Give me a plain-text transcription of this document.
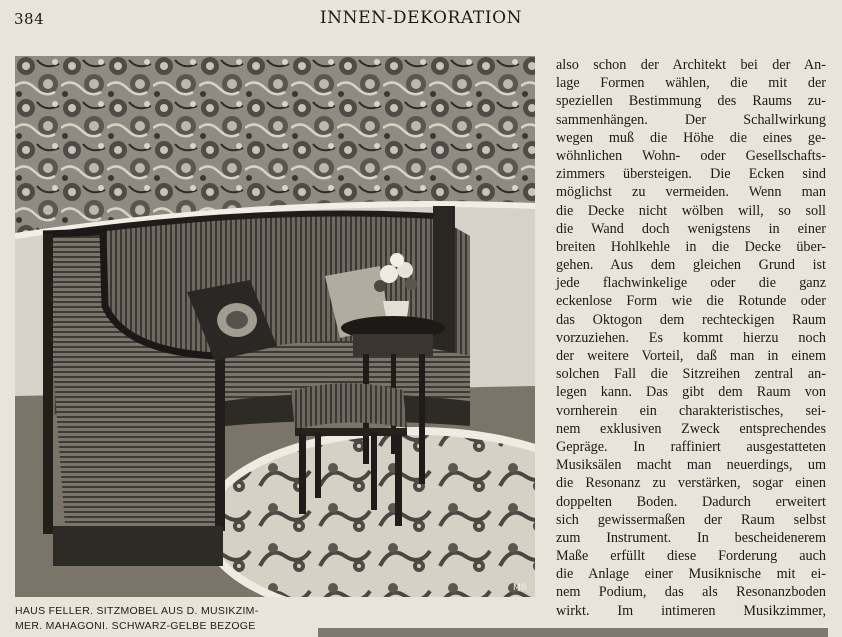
384	INNEN-DEKORATION
MB
HAUS FELLER. SITZMOBEL AUS D. MUSIKZIM-
MER. MAHAGONI. SCHWARZ-GELBE BEZOGE
also schon der Architekt bei der An-
lage Formen wählen, die mit der
speziellen Bestimmung des Raums zu-
sammenhängen. Der Schallwirkung
wegen muß die Höhe die eines ge-
wöhnlichen Wohn- oder Gesellschafts-
zimmers übersteigen. Die Ecken sind
möglichst zu vermeiden. Wenn man
die Decke nicht wölben will, so soll
die Wand doch wenigstens in einer
breiten Hohlkehle in die Decke über-
gehen. Aus dem gleichen Grund ist
jede flachwinkelige oder die ganz
eckenlose Form wie die Rotunde oder
das Oktogon dem rechteckigen Raum
vorzuziehen. Es kommt hierzu noch
der weitere Vorteil, daß man in einem
solchen Fall die Sitzreihen zentral an-
legen kann. Das gibt dem Raum von
vornherein ein charakteristisches, sei-
nem exklusiven Zweck entsprechendes
Gepräge. In raffiniert ausgestatteten
Musiksälen macht man neuerdings, um
die Resonanz zu verstärken, sogar einen
doppelten Boden. Dadurch erweitert
sich gewissermaßen der Raum selbst
zum Instrument. In bescheidenerem
Maße erfüllt diese Forderung auch
die Anlage einer Musiknische mit ei-
nem Podium, das als Resonanzboden
wirkt. Im intimeren Musikzimmer,
